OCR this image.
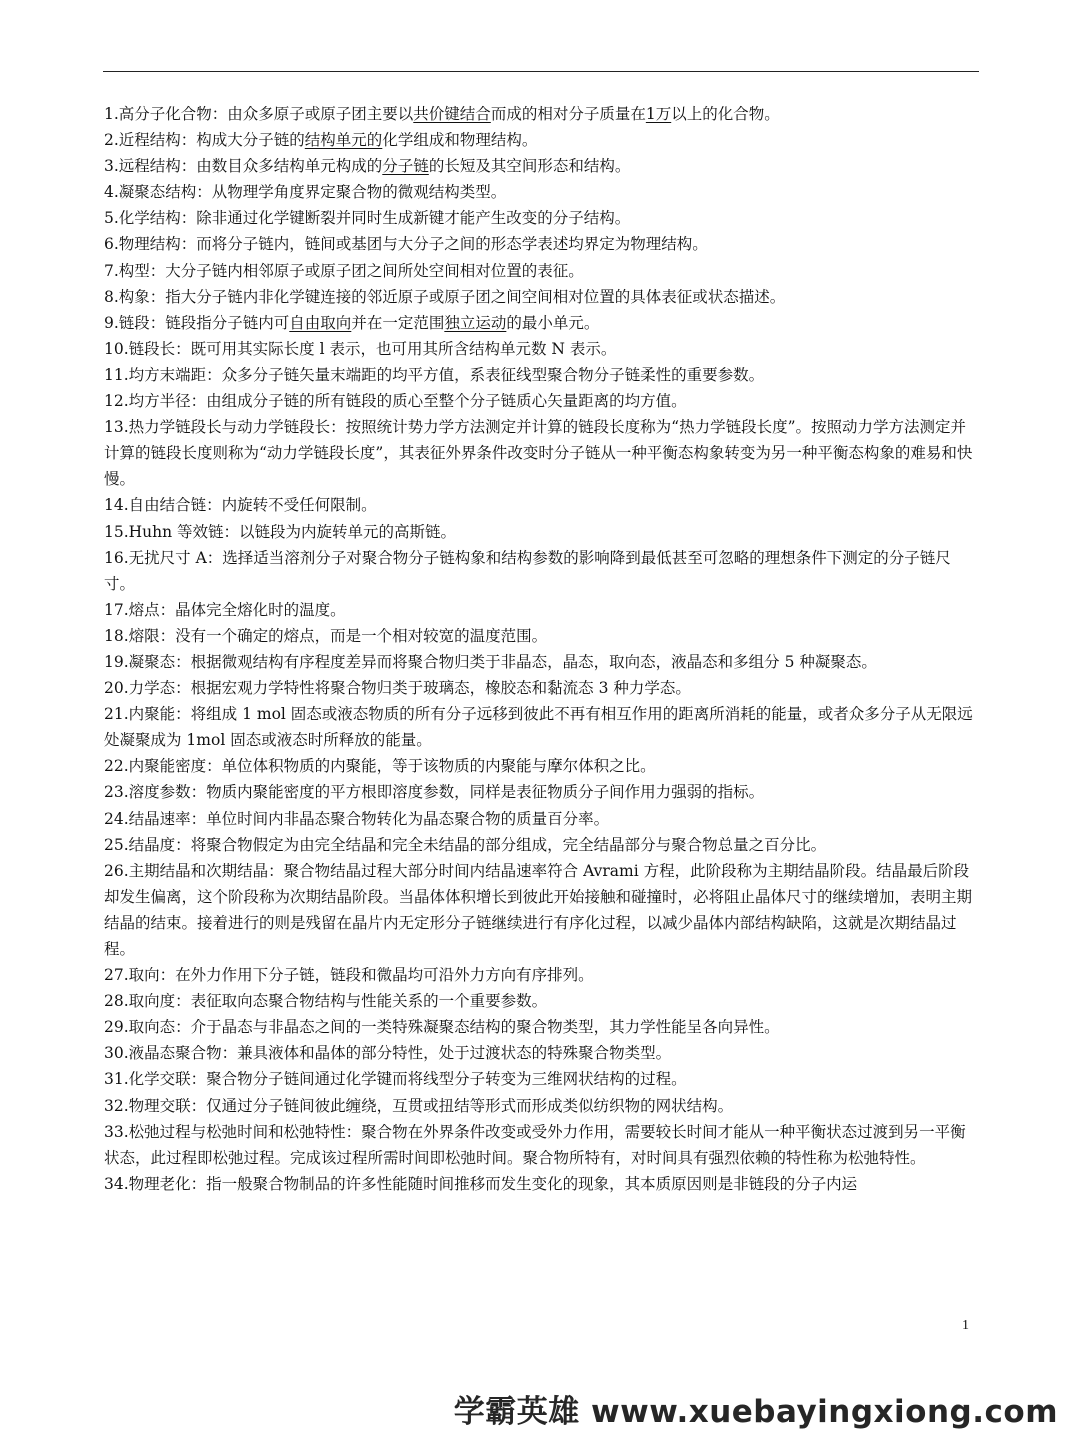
1.高分子化合物：由众多原子或原子团主要以共价键结合而成的相对分子质量在1万以上的化合物。

2.近程结构：构成大分子链的结构单元的化学组成和物理结构。

3.远程结构：由数目众多结构单元构成的分子链的长短及其空间形态和结构。

4.凝聚态结构：从物理学角度界定聚合物的微观结构类型。

5.化学结构：除非通过化学键断裂并同时生成新键才能产生改变的分子结构。

6.物理结构：而将分子链内，链间或基团与大分子之间的形态学表述均界定为物理结构。

7.构型：大分子链内相邻原子或原子团之间所处空间相对位置的表征。

8.构象：指大分子链内非化学键连接的邻近原子或原子团之间空间相对位置的具体表征或状态描述。

9.链段：链段指分子链内可自由取向并在一定范围独立运动的最小单元。

10.链段长：既可用其实际长度 l 表示，也可用其所含结构单元数 N 表示。

11.均方末端距：众多分子链矢量末端距的均平方值，系表征线型聚合物分子链柔性的重要参数。

12.均方半径：由组成分子链的所有链段的质心至整个分子链质心矢量距离的均方值。

13.热力学链段长与动力学链段长：按照统计势力学方法测定并计算的链段长度称为“热力学链段长度”。按照动力学方法测定并计算的链段长度则称为“动力学链段长度”，其表征外界条件改变时分子链从一种平衡态构象转变为另一种平衡态构象的难易和快慢。

14.自由结合链：内旋转不受任何限制。

15.Huhn 等效链：以链段为内旋转单元的高斯链。

16.无扰尺寸 A：选择适当溶剂分子对聚合物分子链构象和结构参数的影响降到最低甚至可忽略的理想条件下测定的分子链尺寸。

17.熔点：晶体完全熔化时的温度。

18.熔限：没有一个确定的熔点，而是一个相对较宽的温度范围。

19.凝聚态：根据微观结构有序程度差异而将聚合物归类于非晶态，晶态，取向态，液晶态和多组分 5 种凝聚态。

20.力学态：根据宏观力学特性将聚合物归类于玻璃态，橡胶态和黏流态 3 种力学态。

21.内聚能：将组成 1 mol 固态或液态物质的所有分子远移到彼此不再有相互作用的距离所消耗的能量，或者众多分子从无限远处凝聚成为 1mol 固态或液态时所释放的能量。

22.内聚能密度：单位体积物质的内聚能，等于该物质的内聚能与摩尔体积之比。

23.溶度参数：物质内聚能密度的平方根即溶度参数，同样是表征物质分子间作用力强弱的指标。

24.结晶速率：单位时间内非晶态聚合物转化为晶态聚合物的质量百分率。

25.结晶度：将聚合物假定为由完全结晶和完全未结晶的部分组成，完全结晶部分与聚合物总量之百分比。

26.主期结晶和次期结晶：聚合物结晶过程大部分时间内结晶速率符合 Avrami 方程，此阶段称为主期结晶阶段。结晶最后阶段却发生偏离，这个阶段称为次期结晶阶段。当晶体体积增长到彼此开始接触和碰撞时，必将阻止晶体尺寸的继续增加，表明主期结晶的结束。接着进行的则是残留在晶片内无定形分子链继续进行有序化过程，以减少晶体内部结构缺陷，这就是次期结晶过程。

27.取向：在外力作用下分子链，链段和微晶均可沿外力方向有序排列。

28.取向度：表征取向态聚合物结构与性能关系的一个重要参数。

29.取向态：介于晶态与非晶态之间的一类特殊凝聚态结构的聚合物类型，其力学性能呈各向异性。

30.液晶态聚合物：兼具液体和晶体的部分特性，处于过渡状态的特殊聚合物类型。

31.化学交联：聚合物分子链间通过化学键而将线型分子转变为三维网状结构的过程。

32.物理交联：仅通过分子链间彼此缠绕，互贯或扭结等形式而形成类似纺织物的网状结构。

33.松弛过程与松弛时间和松弛特性：聚合物在外界条件改变或受外力作用，需要较长时间才能从一种平衡状态过渡到另一平衡状态，此过程即松弛过程。完成该过程所需时间即松弛时间。聚合物所特有，对时间具有强烈依赖的特性称为松弛特性。

34.物理老化：指一般聚合物制品的许多性能随时间推移而发生变化的现象，其本质原因则是非链段的分子内运

1
学霸英雄 www.xuebayingxiong.com
